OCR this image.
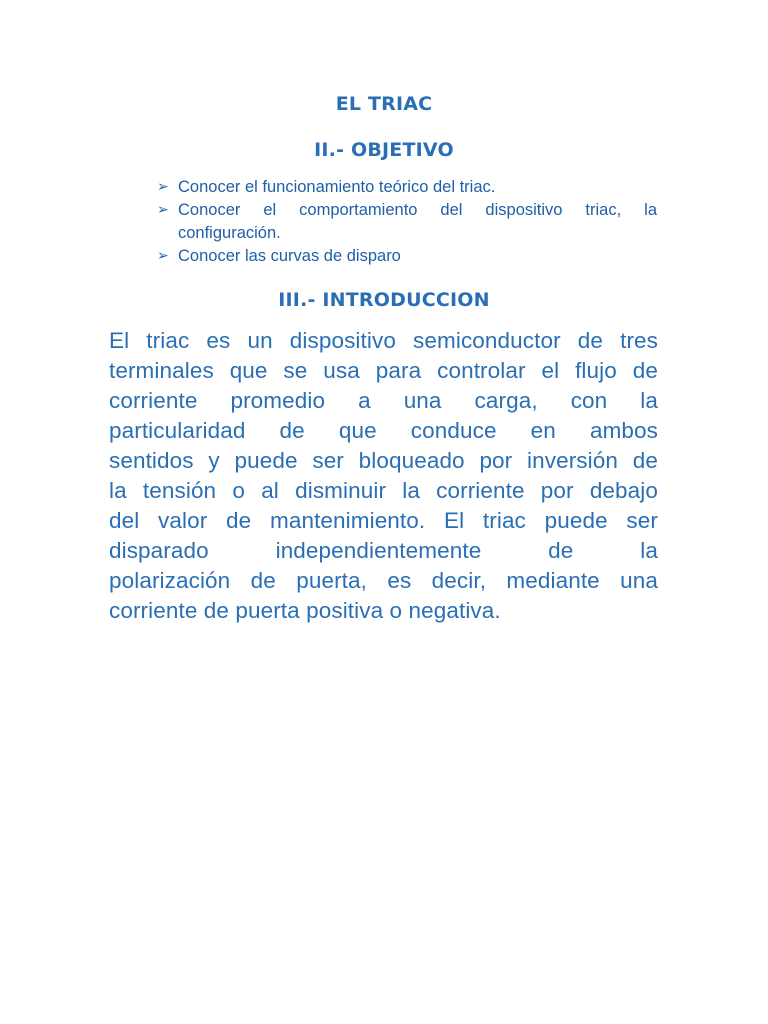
EL TRIAC
II.- OBJETIVO
➢ Conocer el funcionamiento teórico del triac.
➢ Conocer el comportamiento del dispositivo triac, la
configuración.
➢ Conocer las curvas de disparo
III.- INTRODUCCION
El triac es un dispositivo semiconductor de tres
terminales que se usa para controlar el flujo de
corriente promedio a una carga, con la
particularidad de que conduce en ambos
sentidos y puede ser bloqueado por inversión de
la tensión o al disminuir la corriente por debajo
del valor de mantenimiento. El triac puede ser
disparado independientemente de la
polarización de puerta, es decir, mediante una
corriente de puerta positiva o negativa.
